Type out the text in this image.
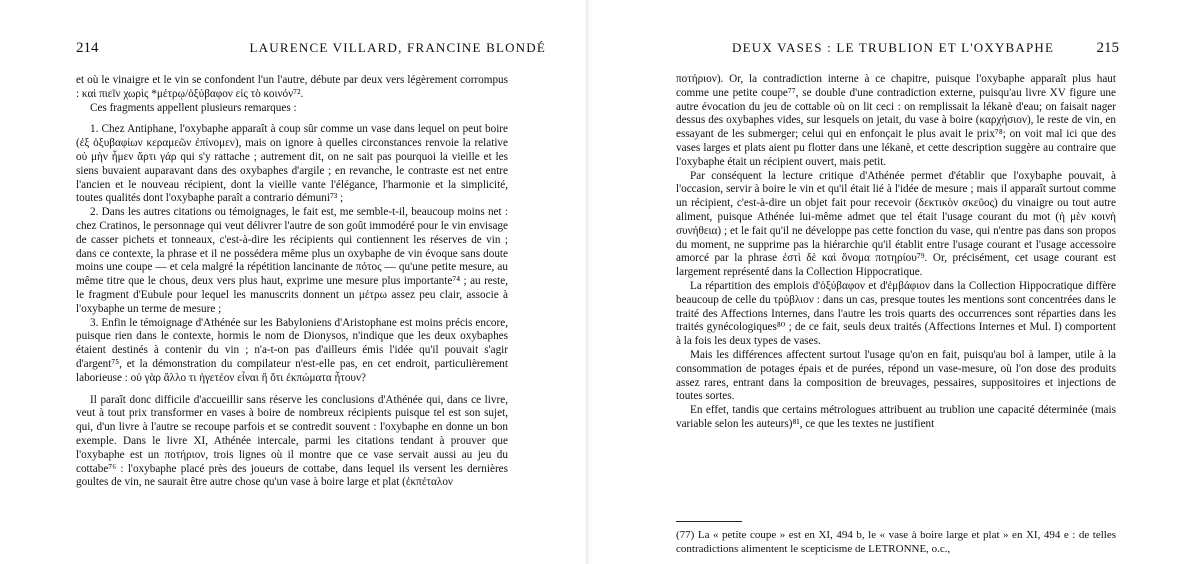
214	LAURENCE VILLARD, FRANCINE BLONDÉ

et où le vinaigre et le vin se confondent l'un l'autre, débute par deux vers légèrement corrompus : καὶ πιεῖν χωρὶς *μέτρῳ/ὀξύβαφον εἰς τὸ κοινόν⁷².

Ces fragments appellent plusieurs remarques :

1. Chez Antiphane, l'oxybaphe apparaît à coup sûr comme un vase dans lequel on peut boire (ἐξ ὀξυβαφίων κεραμεῶν ἐπίνομεν), mais on ignore à quelles circonstances renvoie la relative οὐ μὴν ἦμεν ἄρτι γάρ qui s'y rattache ; autrement dit, on ne sait pas pourquoi la vieille et les siens buvaient auparavant dans des oxybaphes d'argile ; en revanche, le contraste est net entre l'ancien et le nouveau récipient, dont la vieille vante l'élégance, l'harmonie et la simplicité, toutes qualités dont l'oxybaphe paraît a contrario démuni⁷³ ;

2. Dans les autres citations ou témoignages, le fait est, me semble-t-il, beaucoup moins net : chez Cratinos, le personnage qui veut délivrer l'autre de son goût immodéré pour le vin envisage de casser pichets et tonneaux, c'est-à-dire les récipients qui contiennent les réserves de vin ; dans ce contexte, la phrase et il ne possédera même plus un oxybaphe de vin évoque sans doute moins une coupe — et cela malgré la répétition lancinante de πότος — qu'une petite mesure, au même titre que le chous, deux vers plus haut, exprime une mesure plus importante⁷⁴ ; au reste, le fragment d'Eubule pour lequel les manuscrits donnent un μέτρω assez peu clair, associe à l'oxybaphe un terme de mesure ;

3. Enfin le témoignage d'Athénée sur les Babyloniens d'Aristophane est moins précis encore, puisque rien dans le contexte, hormis le nom de Dionysos, n'indique que les deux oxybaphes étaient destinés à contenir du vin ; n'a-t-on pas d'ailleurs émis l'idée qu'il pouvait s'agir d'argent⁷⁵, et la démonstration du compilateur n'est-elle pas, en cet endroit, particulièrement laborieuse : οὐ γὰρ ἄλλο τι ἡγετέον εἶναι ἢ ὅτι ἐκπώματα ἦτουν?

Il paraît donc difficile d'accueillir sans réserve les conclusions d'Athénée qui, dans ce livre, veut à tout prix transformer en vases à boire de nombreux récipients puisque tel est son sujet, qui, d'un livre à l'autre se recoupe parfois et se contredit souvent : l'oxybaphe en donne un bon exemple. Dans le livre XI, Athénée intercale, parmi les citations tendant à prouver que l'oxybaphe est un ποτήριον, trois lignes où il montre que ce vase servait aussi au jeu du cottabe⁷⁶ : l'oxybaphe placé près des joueurs de cottabe, dans lequel ils versent les dernières goultes de vin, ne saurait être autre chose qu'un vase à boire large et plat (ἐκπέταλον

DEUX VASES : LE TRUBLION ET L'OXYBAPHE	215

ποτήριον). Or, la contradiction interne à ce chapitre, puisque l'oxybaphe apparaît plus haut comme une petite coupe⁷⁷, se double d'une contradiction externe, puisqu'au livre XV figure une autre évocation du jeu de cottable où on lit ceci : on remplissait la lékanè d'eau; on faisait nager dessus des oxybaphes vides, sur lesquels on jetait, du vase à boire (καρχήσιον), le reste de vin, en essayant de les submerger; celui qui en enfonçait le plus avait le prix⁷⁸; on voit mal ici que des vases larges et plats aient pu flotter dans une lékanè, et cette description suggère au contraire que l'oxybaphe était un récipient ouvert, mais petit.

Par conséquent la lecture critique d'Athénée permet d'établir que l'oxybaphe pouvait, à l'occasion, servir à boire le vin et qu'il était lié à l'idée de mesure ; mais il apparaît surtout comme un récipient, c'est-à-dire un objet fait pour recevoir (δεκτικὸν σκεῦος) du vinaigre ou tout autre aliment, puisque Athénée lui-même admet que tel était l'usage courant du mot (ἡ μὲν κοινὴ συνήθεια) ; et le fait qu'il ne développe pas cette fonction du vase, qui n'entre pas dans son propos du moment, ne supprime pas la hiérarchie qu'il établit entre l'usage courant et l'usage accessoire amorcé par la phrase ἐστὶ δὲ καὶ ὄνομα ποτηρίου⁷⁹. Or, précisément, cet usage courant est largement représenté dans la Collection Hippocratique.

La répartition des emplois d'ὀξύβαφον et d'ἐμβάφιον dans la Collection Hippocratique diffère beaucoup de celle du τρύβλιον : dans un cas, presque toutes les mentions sont concentrées dans le traité des Affections Internes, dans l'autre les trois quarts des occurrences sont réparties dans les traités gynécologiques⁸⁰ ; de ce fait, seuls deux traités (Affections Internes et Mul. I) comportent à la fois les deux types de vases.

Mais les différences affectent surtout l'usage qu'on en fait, puisqu'au bol à lamper, utile à la consommation de potages épais et de purées, répond un vase-mesure, où l'on dose des produits assez rares, entrant dans la composition de breuvages, pessaires, suppositoires et injections de toutes sortes.

En effet, tandis que certains métrologues attribuent au trublion une capacité déterminée (mais variable selon les auteurs)⁸¹, ce que les textes ne justifient

(77) La « petite coupe » est en XI, 494 b, le « vase à boire large et plat » en XI, 494 e : de telles contradictions alimentent le scepticisme de LETRONNE, o.c.,
